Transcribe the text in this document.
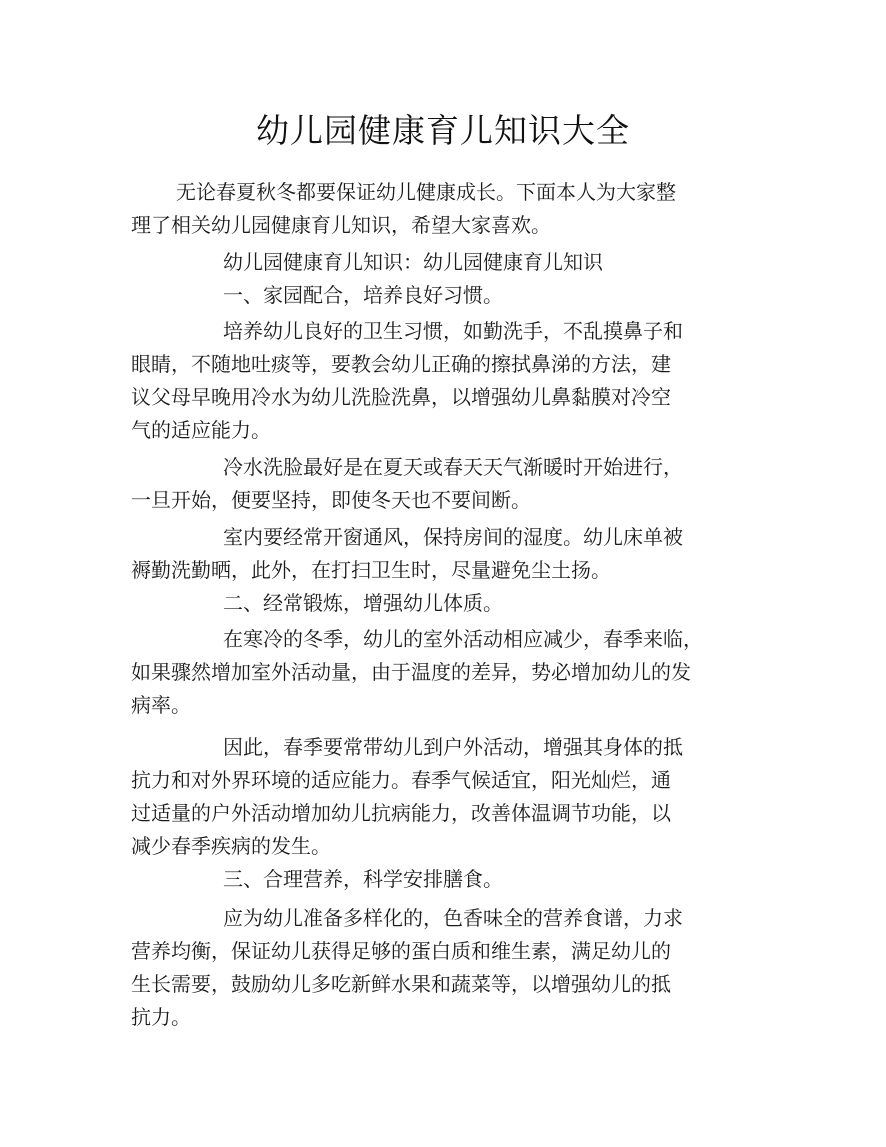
幼儿园健康育儿知识大全
无论春夏秋冬都要保证幼儿健康成长。下面本人为大家整
理了相关幼儿园健康育儿知识，希望大家喜欢。
幼儿园健康育儿知识：幼儿园健康育儿知识
一、家园配合，培养良好习惯。
培养幼儿良好的卫生习惯，如勤洗手，不乱摸鼻子和
眼睛，不随地吐痰等，要教会幼儿正确的擦拭鼻涕的方法，建
议父母早晚用冷水为幼儿洗脸洗鼻，以增强幼儿鼻黏膜对冷空
气的适应能力。
冷水洗脸最好是在夏天或春天天气渐暖时开始进行，
一旦开始，便要坚持，即使冬天也不要间断。
室内要经常开窗通风，保持房间的湿度。幼儿床单被
褥勤洗勤晒，此外，在打扫卫生时，尽量避免尘土扬。
二、经常锻炼，增强幼儿体质。
在寒冷的冬季，幼儿的室外活动相应减少，春季来临，
如果骤然增加室外活动量，由于温度的差异，势必增加幼儿的发
病率。
因此，春季要常带幼儿到户外活动，增强其身体的抵
抗力和对外界环境的适应能力。春季气候适宜，阳光灿烂，通
过适量的户外活动增加幼儿抗病能力，改善体温调节功能，以
减少春季疾病的发生。
三、合理营养，科学安排膳食。
应为幼儿准备多样化的，色香味全的营养食谱，力求
营养均衡，保证幼儿获得足够的蛋白质和维生素，满足幼儿的
生长需要，鼓励幼儿多吃新鲜水果和蔬菜等，以增强幼儿的抵
抗力。
